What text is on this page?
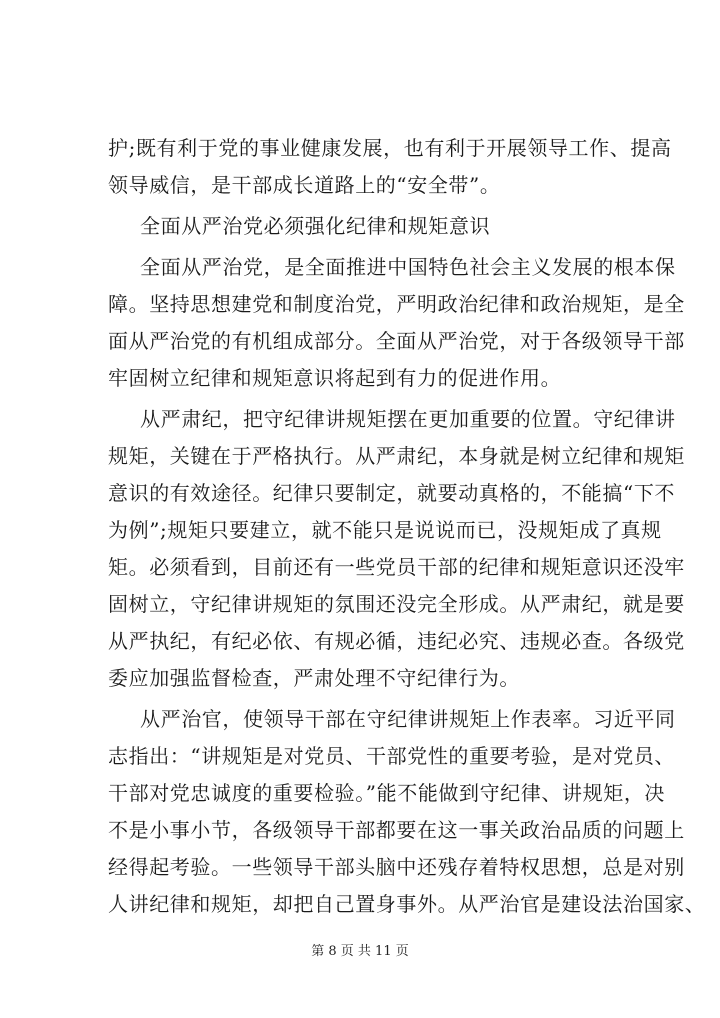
护;既有利于党的事业健康发展，也有利于开展领导工作、提高
领导威信，是干部成长道路上的“安全带”。
全面从严治党必须强化纪律和规矩意识
全面从严治党，是全面推进中国特色社会主义发展的根本保
障。坚持思想建党和制度治党，严明政治纪律和政治规矩，是全
面从严治党的有机组成部分。全面从严治党，对于各级领导干部
牢固树立纪律和规矩意识将起到有力的促进作用。
从严肃纪，把守纪律讲规矩摆在更加重要的位置。守纪律讲
规矩，关键在于严格执行。从严肃纪，本身就是树立纪律和规矩
意识的有效途径。纪律只要制定，就要动真格的，不能搞“下不
为例”;规矩只要建立，就不能只是说说而已，没规矩成了真规
矩。必须看到，目前还有一些党员干部的纪律和规矩意识还没牢
固树立，守纪律讲规矩的氛围还没完全形成。从严肃纪，就是要
从严执纪，有纪必依、有规必循，违纪必究、违规必查。各级党
委应加强监督检查，严肃处理不守纪律行为。
从严治官，使领导干部在守纪律讲规矩上作表率。习近平同
志指出：“讲规矩是对党员、干部党性的重要考验，是对党员、
干部对党忠诚度的重要检验。”能不能做到守纪律、讲规矩，决
不是小事小节，各级领导干部都要在这一事关政治品质的问题上
经得起考验。一些领导干部头脑中还残存着特权思想，总是对别
人讲纪律和规矩，却把自己置身事外。从严治官是建设法治国家、
第 8 页 共 11 页
